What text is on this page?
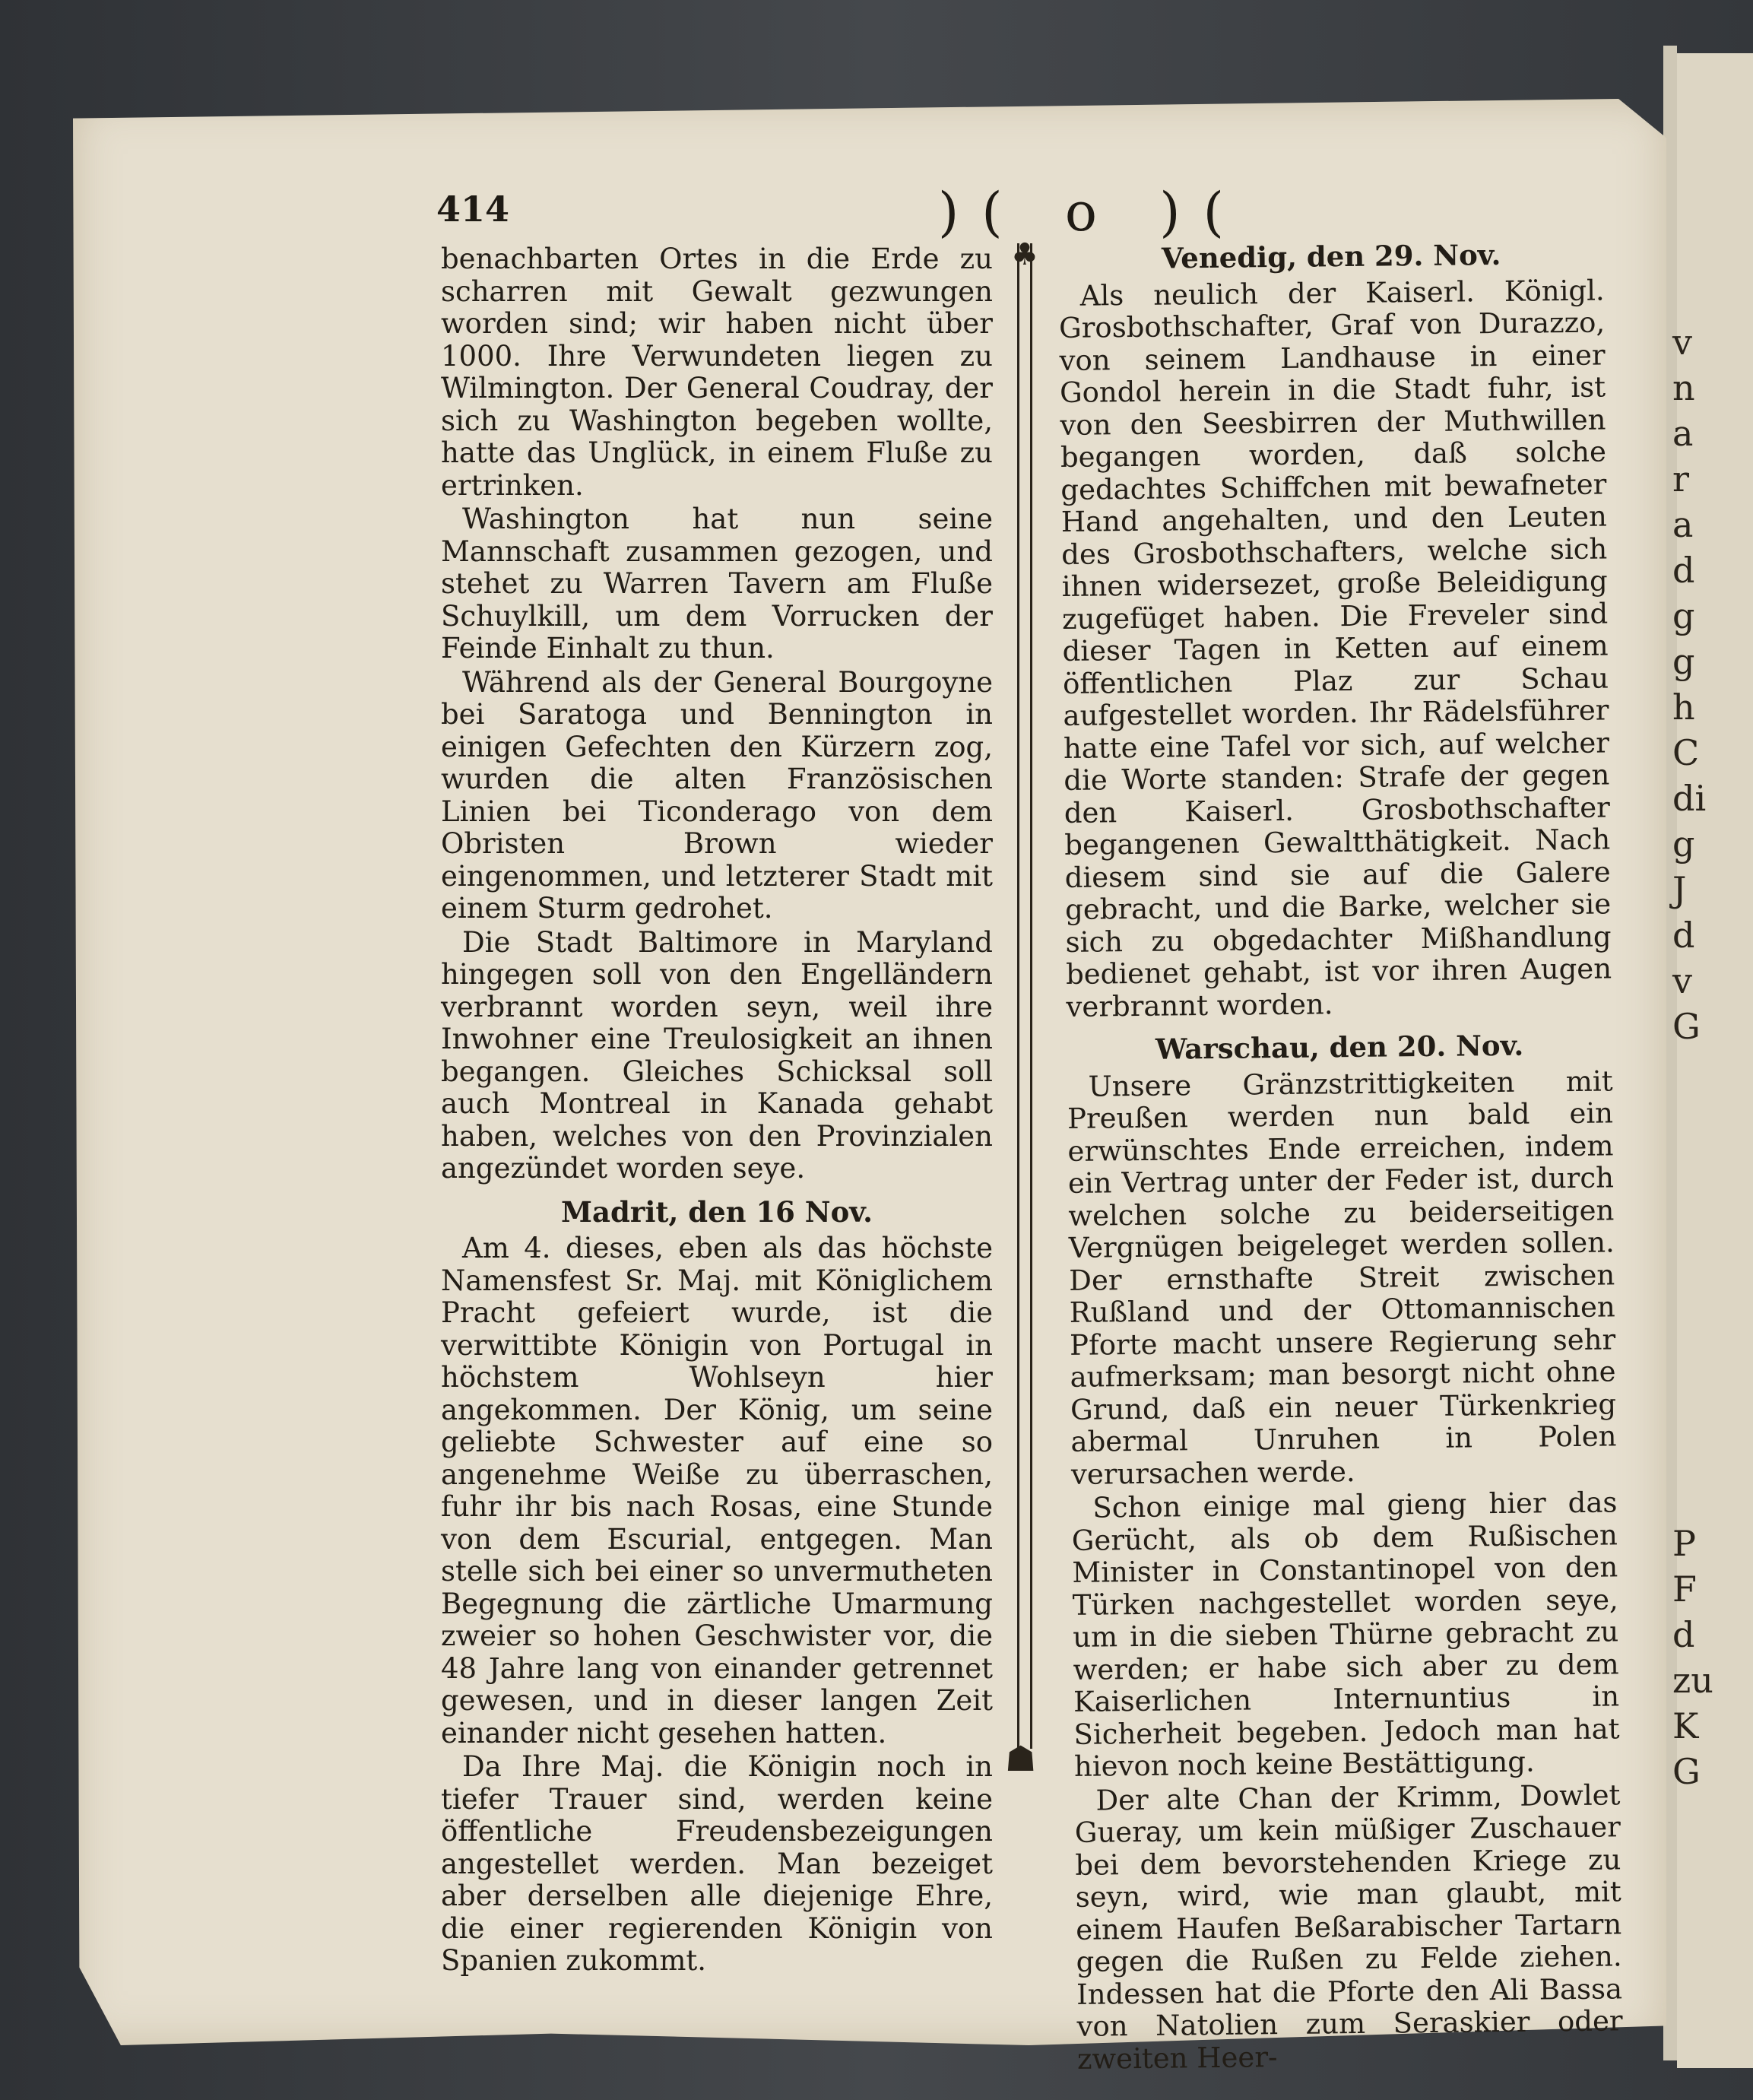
v
n
a
r
a
d
g
g
h
C
di
g
J
d
v
G
P
F
d
zu
K
G
414	)( o )(
♣
☗

benachbarten Ortes in die Erde zu scharren mit Gewalt gezwungen worden sind; wir haben nicht über 1000. Ihre Verwundeten liegen zu Wilmington. Der General Coudray, der sich zu Washington begeben wollte, hatte das Unglück, in einem Fluße zu ertrinken.

Washington hat nun seine Mannschaft zusammen gezogen, und stehet zu Warren Tavern am Fluße Schuylkill, um dem Vorrucken der Feinde Einhalt zu thun.

Während als der General Bourgoyne bei Saratoga und Bennington in einigen Gefechten den Kürzern zog, wurden die alten Französischen Linien bei Ticonderago von dem Obristen Brown wieder eingenommen, und letzterer Stadt mit einem Sturm gedrohet.

Die Stadt Baltimore in Maryland hingegen soll von den Engelländern verbrannt worden seyn, weil ihre Inwohner eine Treulosigkeit an ihnen begangen. Gleiches Schicksal soll auch Montreal in Kanada gehabt haben, welches von den Provinzialen angezündet worden seye.

Madrit, den 16 Nov.

Am 4. dieses, eben als das höchste Namensfest Sr. Maj. mit Königlichem Pracht gefeiert wurde, ist die verwittibte Königin von Portugal in höchstem Wohlseyn hier angekommen. Der König, um seine geliebte Schwester auf eine so angenehme Weiße zu überraschen, fuhr ihr bis nach Rosas, eine Stunde von dem Escurial, entgegen. Man stelle sich bei einer so unvermutheten Begegnung die zärtliche Umarmung zweier so hohen Geschwister vor, die 48 Jahre lang von einander getrennet gewesen, und in dieser langen Zeit einander nicht gesehen hatten.

Da Ihre Maj. die Königin noch in tiefer Trauer sind, werden keine öffentliche Freudensbezeigungen angestellet werden. Man bezeiget aber derselben alle diejenige Ehre, die einer regierenden Königin von Spanien zukommt.

Venedig, den 29. Nov.

Als neulich der Kaiserl. Königl. Grosbothschafter, Graf von Durazzo, von seinem Landhause in einer Gondol herein in die Stadt fuhr, ist von den Seesbirren der Muthwillen begangen worden, daß solche gedachtes Schiffchen mit bewafneter Hand angehalten, und den Leuten des Grosbothschafters, welche sich ihnen widersezet, große Beleidigung zugefüget haben. Die Freveler sind dieser Tagen in Ketten auf einem öffentlichen Plaz zur Schau aufgestellet worden. Ihr Rädelsführer hatte eine Tafel vor sich, auf welcher die Worte standen: Strafe der gegen den Kaiserl. Grosbothschafter begangenen Gewaltthätigkeit. Nach diesem sind sie auf die Galere gebracht, und die Barke, welcher sie sich zu obgedachter Mißhandlung bedienet gehabt, ist vor ihren Augen verbrannt worden.

Warschau, den 20. Nov.

Unsere Gränzstrittigkeiten mit Preußen werden nun bald ein erwünschtes Ende erreichen, indem ein Vertrag unter der Feder ist, durch welchen solche zu beiderseitigen Vergnügen beigeleget werden sollen. Der ernsthafte Streit zwischen Rußland und der Ottomannischen Pforte macht unsere Regierung sehr aufmerksam; man besorgt nicht ohne Grund, daß ein neuer Türkenkrieg abermal Unruhen in Polen verursachen werde.

Schon einige mal gieng hier das Gerücht, als ob dem Rußischen Minister in Constantinopel von den Türken nachgestellet worden seye, um in die sieben Thürne gebracht zu werden; er habe sich aber zu dem Kaiserlichen Internuntius in Sicherheit begeben. Jedoch man hat hievon noch keine Bestättigung.

Der alte Chan der Krimm, Dowlet Gueray, um kein müßiger Zuschauer bei dem bevorstehenden Kriege zu seyn, wird, wie man glaubt, mit einem Haufen Beßarabischer Tartarn gegen die Rußen zu Felde ziehen. Indessen hat die Pforte den Ali Bassa von Natolien zum Seraskier oder zweiten Heer-
